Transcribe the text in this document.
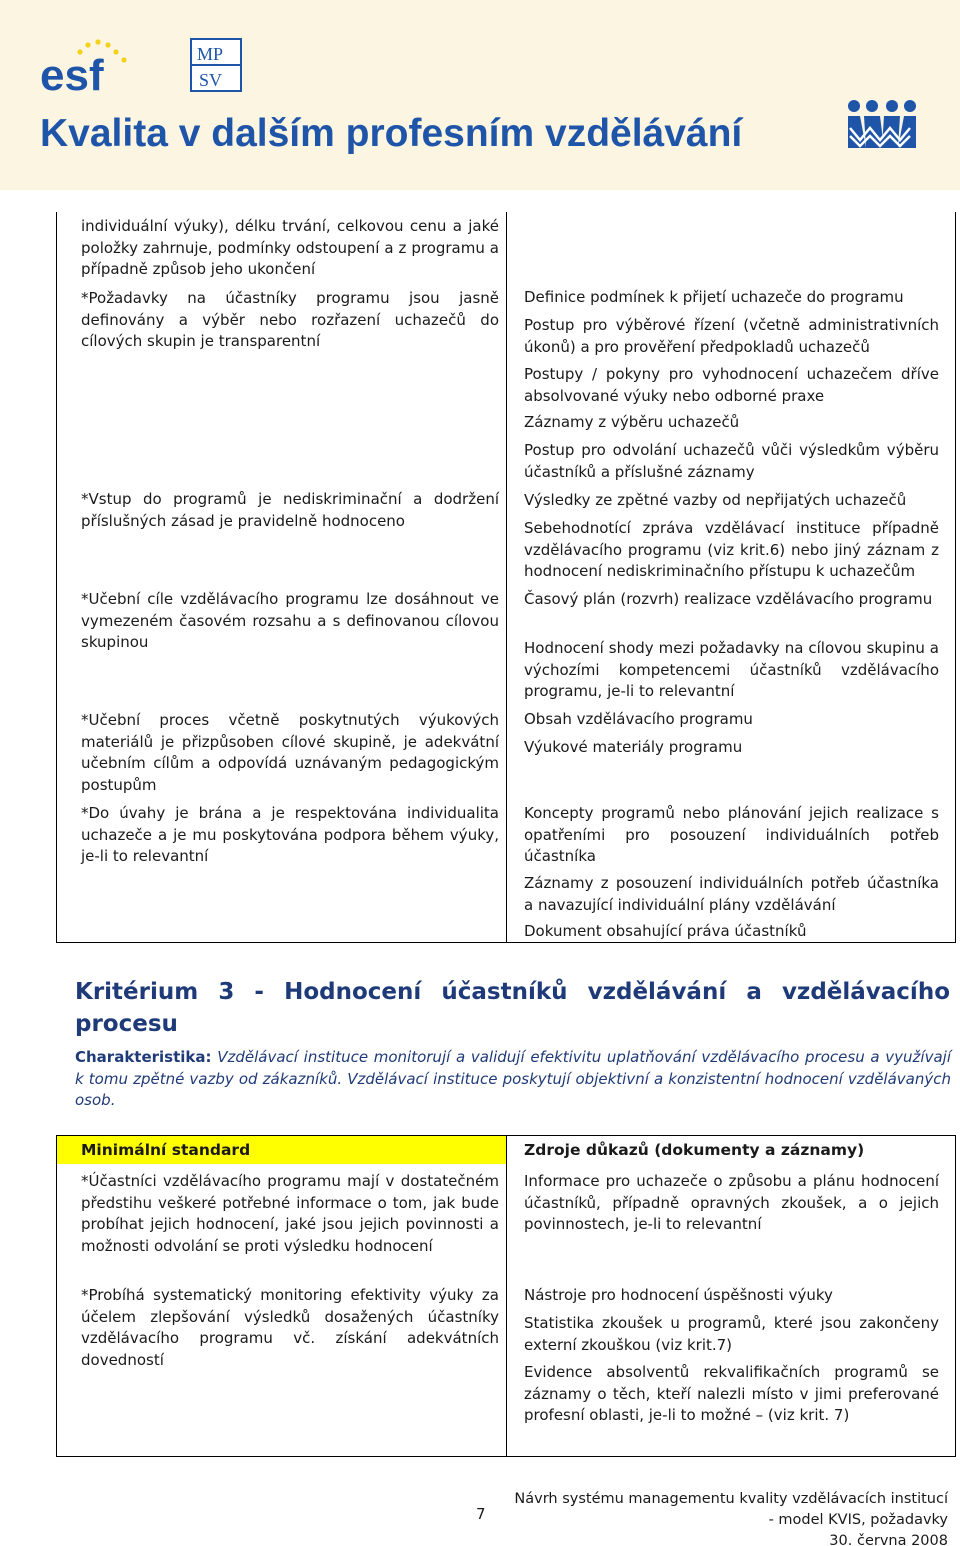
esf	MP
SV
Kvalita v dalším profesním vzdělávání
individuální výuky), délku trvání, celkovou cenu a jaké položky zahrnuje, podmínky odstoupení a z programu a případně způsob jeho ukončení
*Požadavky na účastníky programu jsou jasně definovány a výběr nebo rozřazení uchazečů do cílových skupin je transparentní
*Vstup do programů je nediskriminační a dodržení příslušných zásad je pravidelně hodnoceno
*Učební cíle vzdělávacího programu lze dosáhnout ve vymezeném časovém rozsahu a s definovanou cílovou skupinou
*Učební proces včetně poskytnutých výukových materiálů je přizpůsoben cílové skupině, je adekvátní učebním cílům a odpovídá uznávaným pedagogickým postupům
*Do úvahy je brána a je respektována individualita uchazeče a je mu poskytována podpora během výuky, je-li to relevantní
Definice podmínek k přijetí uchazeče do programu
Postup pro výběrové řízení (včetně administrativních úkonů) a pro prověření předpokladů uchazečů
Postupy / pokyny pro vyhodnocení uchazečem dříve absolvované výuky nebo odborné praxe
Záznamy z výběru uchazečů
Postup pro odvolání uchazečů vůči výsledkům výběru účastníků a příslušné záznamy
Výsledky ze zpětné vazby od nepřijatých uchazečů
Sebehodnotící zpráva vzdělávací instituce případně vzdělávacího programu (viz krit.6) nebo jiný záznam z hodnocení nediskriminačního přístupu k uchazečům
Časový plán (rozvrh) realizace vzdělávacího programu
Hodnocení shody mezi požadavky na cílovou skupinu a výchozími kompetencemi účastníků vzdělávacího programu, je-li to relevantní
Obsah vzdělávacího programu
Výukové materiály programu
Koncepty programů nebo plánování jejich realizace s opatřeními pro posouzení individuálních potřeb účastníka
Záznamy z posouzení individuálních potřeb účastníka a navazující individuální plány vzdělávání
Dokument obsahující práva účastníků
Kritérium 3 - Hodnocení účastníků vzdělávání a vzdělávacího procesu
Charakteristika: Vzdělávací instituce monitorují a validují efektivitu uplatňování vzdělávacího procesu a využívají k tomu zpětné vazby od zákazníků. Vzdělávací instituce poskytují objektivní a konzistentní hodnocení vzdělávaných osob.
Minimální standard
*Účastníci vzdělávacího programu mají v dostatečném předstihu veškeré potřebné informace o tom, jak bude probíhat jejich hodnocení, jaké jsou jejich povinnosti a možnosti odvolání se proti výsledku hodnocení
*Probíhá systematický monitoring efektivity výuky za účelem zlepšování výsledků dosažených účastníky vzdělávacího programu vč. získání adekvátních dovedností
Zdroje důkazů (dokumenty a záznamy)
Informace pro uchazeče o způsobu a plánu hodnocení účastníků, případně opravných zkoušek, a o jejich povinnostech, je-li to relevantní
Nástroje pro hodnocení úspěšnosti výuky
Statistika zkoušek u programů, které jsou zakončeny externí zkouškou (viz krit.7)
Evidence absolventů rekvalifikačních programů se záznamy o těch, kteří nalezli místo v jimi preferované profesní oblasti, je-li to možné – (viz krit. 7)
7
Návrh systému managementu kvality vzdělávacích institucí
- model KVIS, požadavky
30. června 2008
